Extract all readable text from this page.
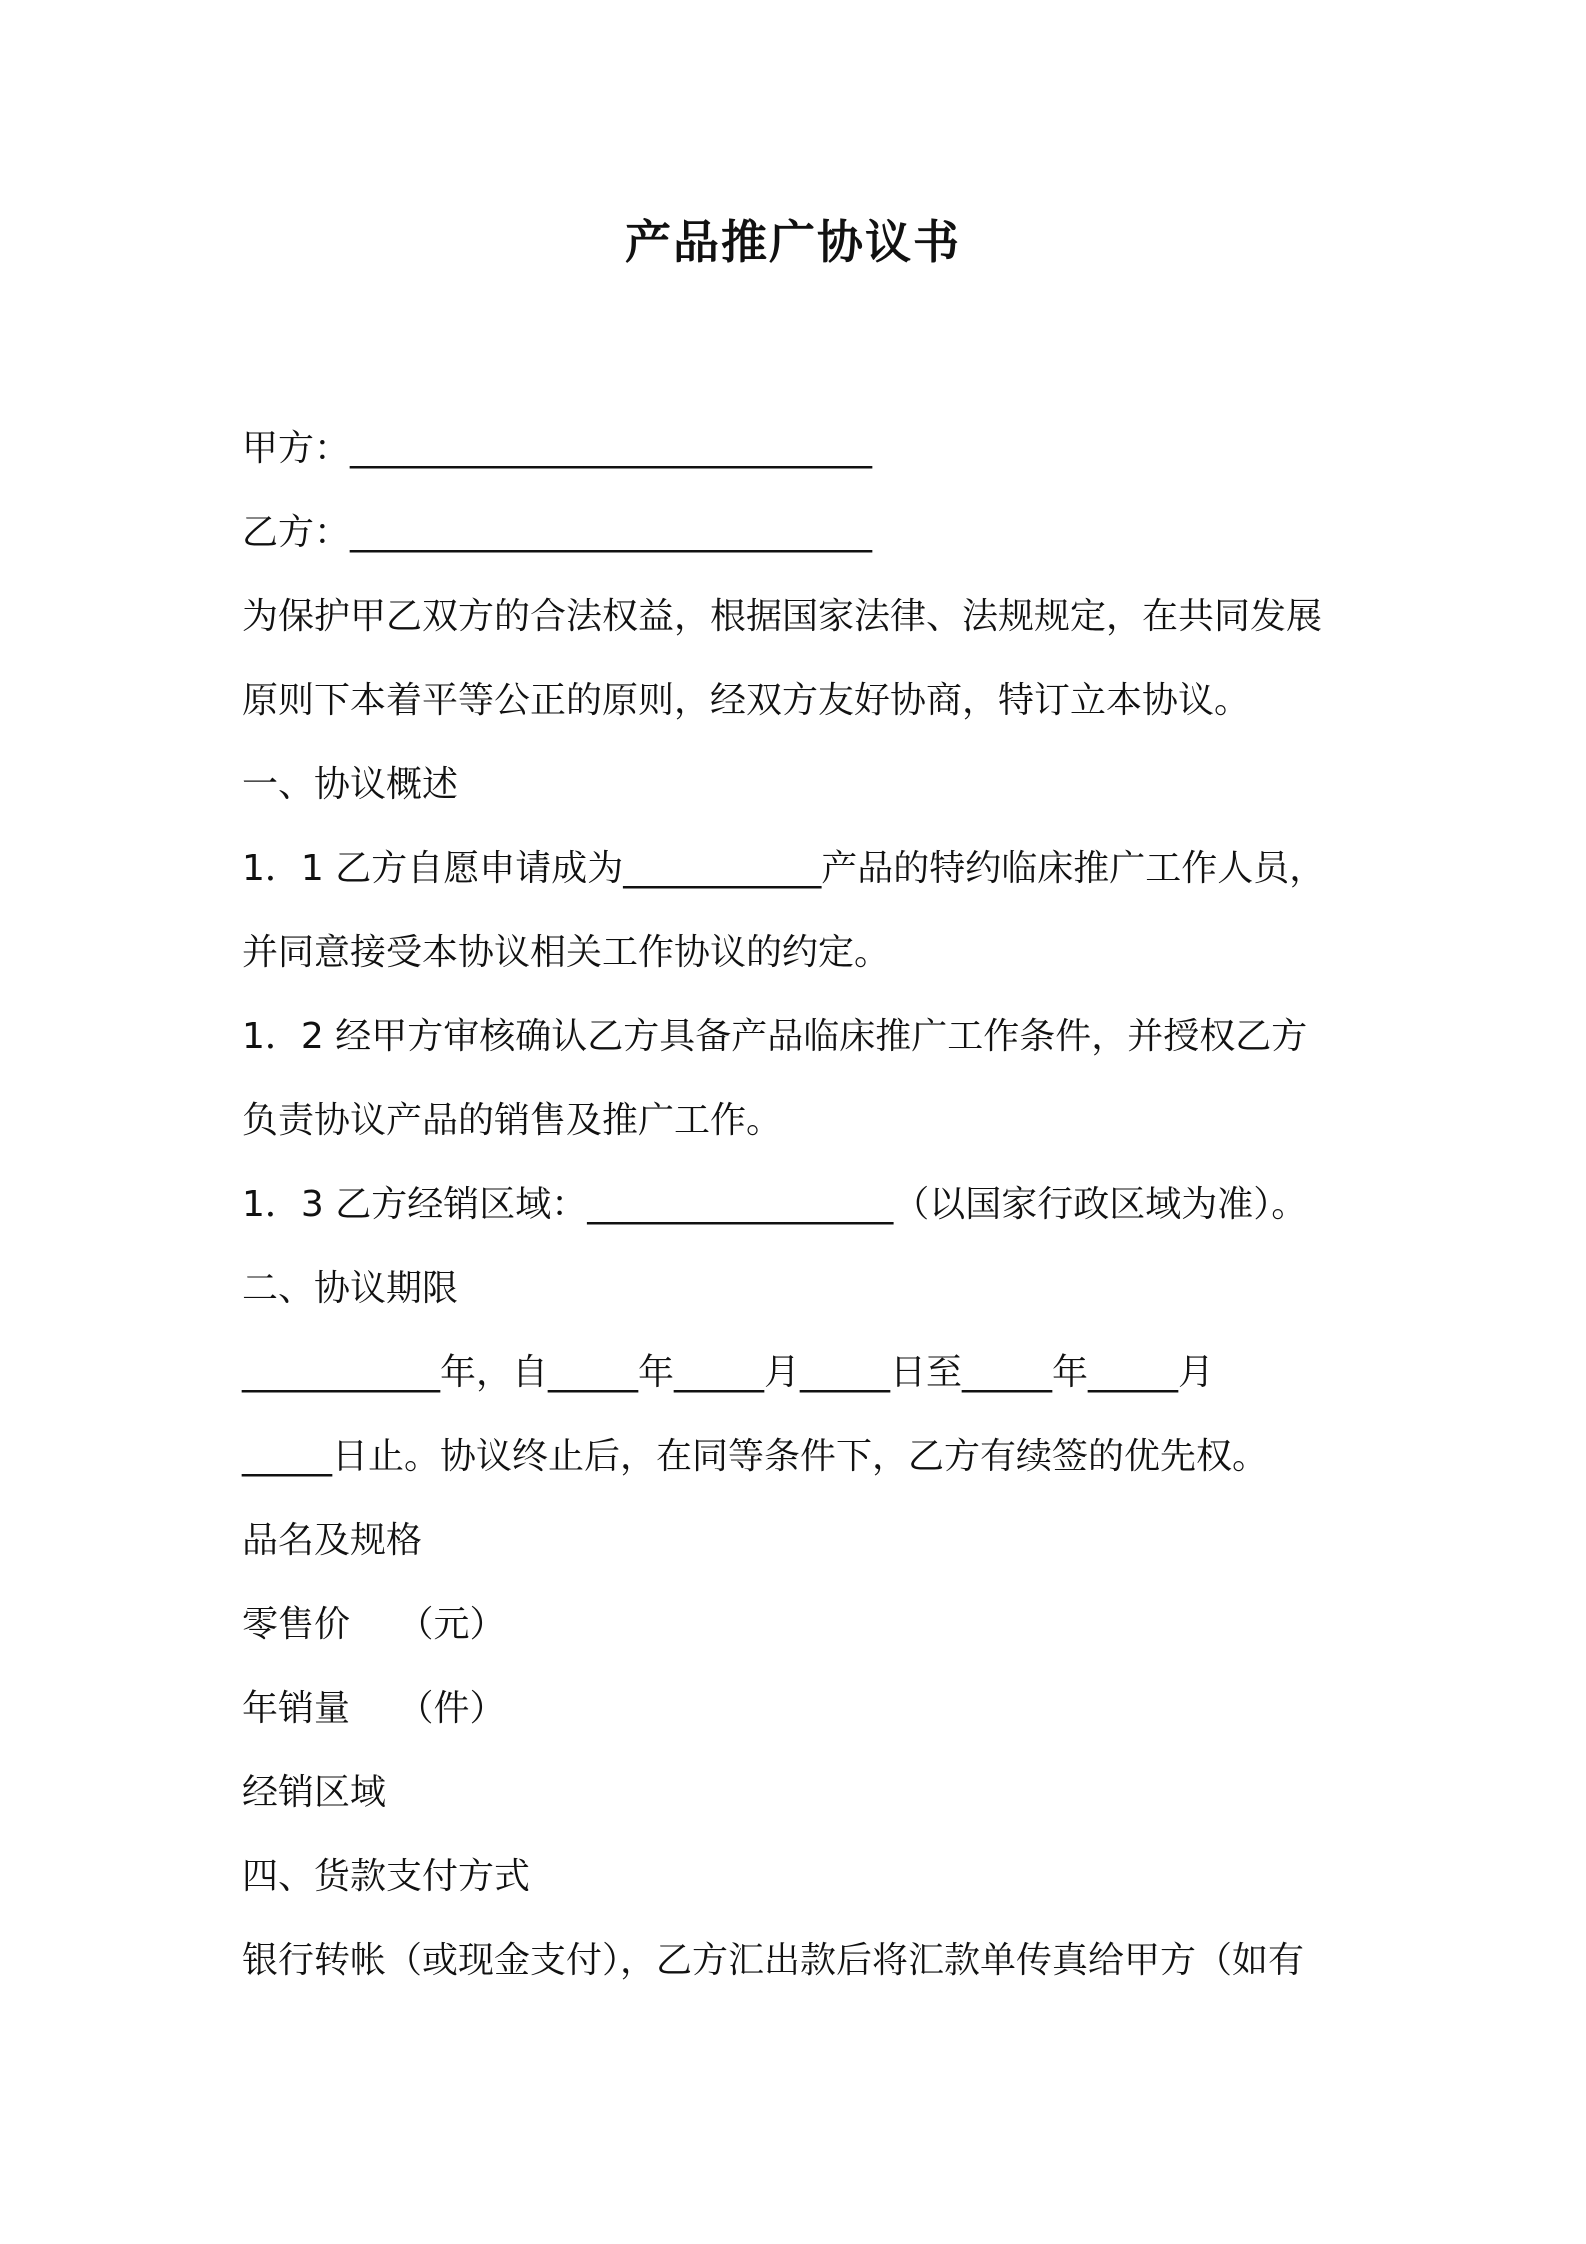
产品推广协议书
甲方：_____________________________
乙方：_____________________________
为保护甲乙双方的合法权益，根据国家法律、法规规定，在共同发展
原则下本着平等公正的原则，经双方友好协商，特订立本协议。
一、协议概述
1．1 乙方自愿申请成为___________产品的特约临床推广工作人员，
并同意接受本协议相关工作协议的约定。
1．2 经甲方审核确认乙方具备产品临床推广工作条件，并授权乙方
负责协议产品的销售及推广工作。
1．3 乙方经销区域：_________________（以国家行政区域为准）。
二、协议期限
___________年，自_____年_____月_____日至_____年_____月
_____日止。协议终止后，在同等条件下，乙方有续签的优先权。
品名及规格
零售价　 （元）
年销量　 （件）
经销区域
四、货款支付方式
银行转帐（或现金支付），乙方汇出款后将汇款单传真给甲方（如有
